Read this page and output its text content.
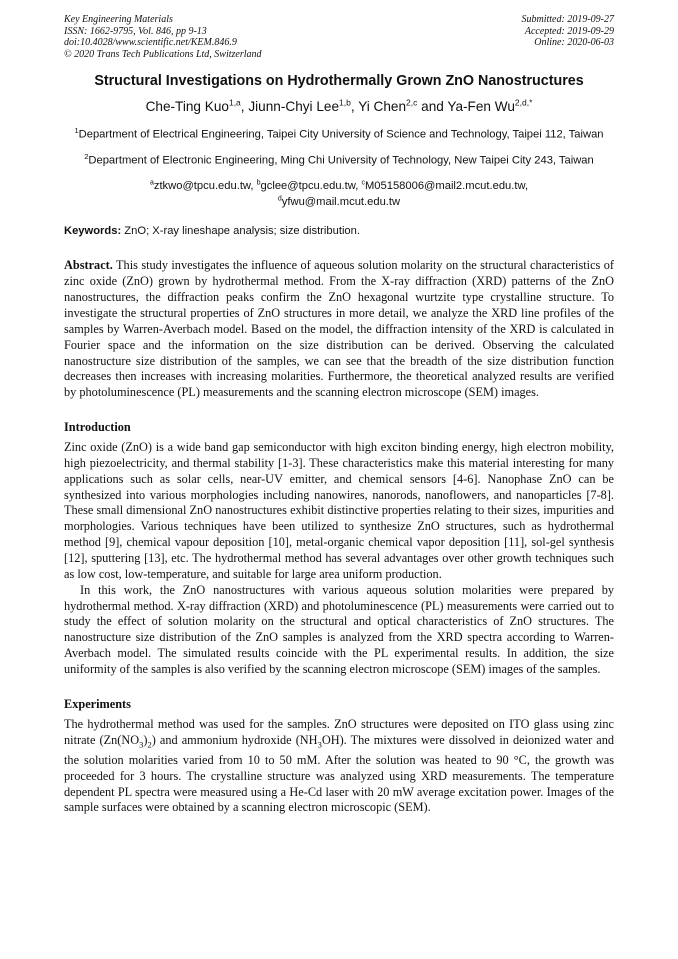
Key Engineering Materials
ISSN: 1662-9795, Vol. 846, pp 9-13
doi:10.4028/www.scientific.net/KEM.846.9
© 2020 Trans Tech Publications Ltd, Switzerland
Submitted: 2019-09-27
Accepted: 2019-09-29
Online: 2020-06-03
Structural Investigations on Hydrothermally Grown ZnO Nanostructures
Che-Ting Kuo$^{1,a}$, Jiunn-Chyi Lee$^{1,b}$, Yi Chen$^{2,c}$ and Ya-Fen $Wu^{2,d,*}$
$^1$Department of Electrical Engineering, Taipei City University of Science and Technology, Taipei 112, Taiwan
$^2$Department of Electronic Engineering, Ming Chi University of Technology, New Taipei City 243, Taiwan
$^a$ztkwo@tpcu.edu.tw, $^b$gclee@tpcu.edu.tw, $^c$M05158006@mail2.mcut.edu.tw,
$^d$yfwu@mail.mcut.edu.tw
Keywords: ZnO; X-ray lineshape analysis; size distribution.
Abstract. This study investigates the influence of aqueous solution molarity on the structural characteristics of zinc oxide (ZnO) grown by hydrothermal method. From the X-ray diffraction (XRD) patterns of the ZnO nanostructures, the diffraction peaks confirm the ZnO hexagonal wurtzite type crystalline structure. To investigate the structural properties of ZnO structures in more detail, we analyze the XRD line profiles of the samples by Warren-Averbach model. Based on the model, the diffraction intensity of the XRD is calculated in Fourier space and the information on the size distribution can be derived. Observing the calculated nanostructure size distribution of the samples, we can see that the breadth of the size distribution function decreases then increases with increasing molarities. Furthermore, the theoretical analyzed results are verified by photoluminescence (PL) measurements and the scanning electron microscope (SEM) images.
Introduction
Zinc oxide (ZnO) is a wide band gap semiconductor with high exciton binding energy, high electron mobility, high piezoelectricity, and thermal stability [1-3]. These characteristics make this material interesting for many applications such as solar cells, near-UV emitter, and chemical sensors [4-6]. Nanophase ZnO can be synthesized into various morphologies including nanowires, nanorods, nanoflowers, and nanoparticles [7-8]. These small dimensional ZnO nanostructures exhibit distinctive properties relating to their sizes, impurities and morphologies. Various techniques have been utilized to synthesize ZnO structures, such as hydrothermal method [9], chemical vapour deposition [10], metal-organic chemical vapor deposition [11], sol-gel synthesis [12], sputtering [13], etc. The hydrothermal method has several advantages over other growth techniques such as low cost, low-temperature, and suitable for large area uniform production.
In this work, the ZnO nanostructures with various aqueous solution molarities were prepared by hydrothermal method. X-ray diffraction (XRD) and photoluminescence (PL) measurements were carried out to study the effect of solution molarity on the structural and optical characteristics of ZnO structures. The nanostructure size distribution of the ZnO samples is analyzed from the XRD spectra according to Warren-Averbach model. The simulated results coincide with the PL experimental results. In addition, the size uniformity of the samples is also verified by the scanning electron microscope (SEM) images of the samples.
Experiments
The hydrothermal method was used for the samples. ZnO structures were deposited on ITO glass using zinc nitrate $(Zn(NO_3)_2)$ and ammonium hydroxide $(NH_3OH)$. The mixtures were dissolved in deionized water and the solution molarities varied from 10 to 50 mM. After the solution was heated to 90 °C, the growth was proceeded for 3 hours. The crystalline structure was analyzed using XRD measurements. The temperature dependent PL spectra were measured using a He-Cd laser with 20 mW average excitation power. Images of the sample surfaces were obtained by a scanning electron microscopic (SEM).
